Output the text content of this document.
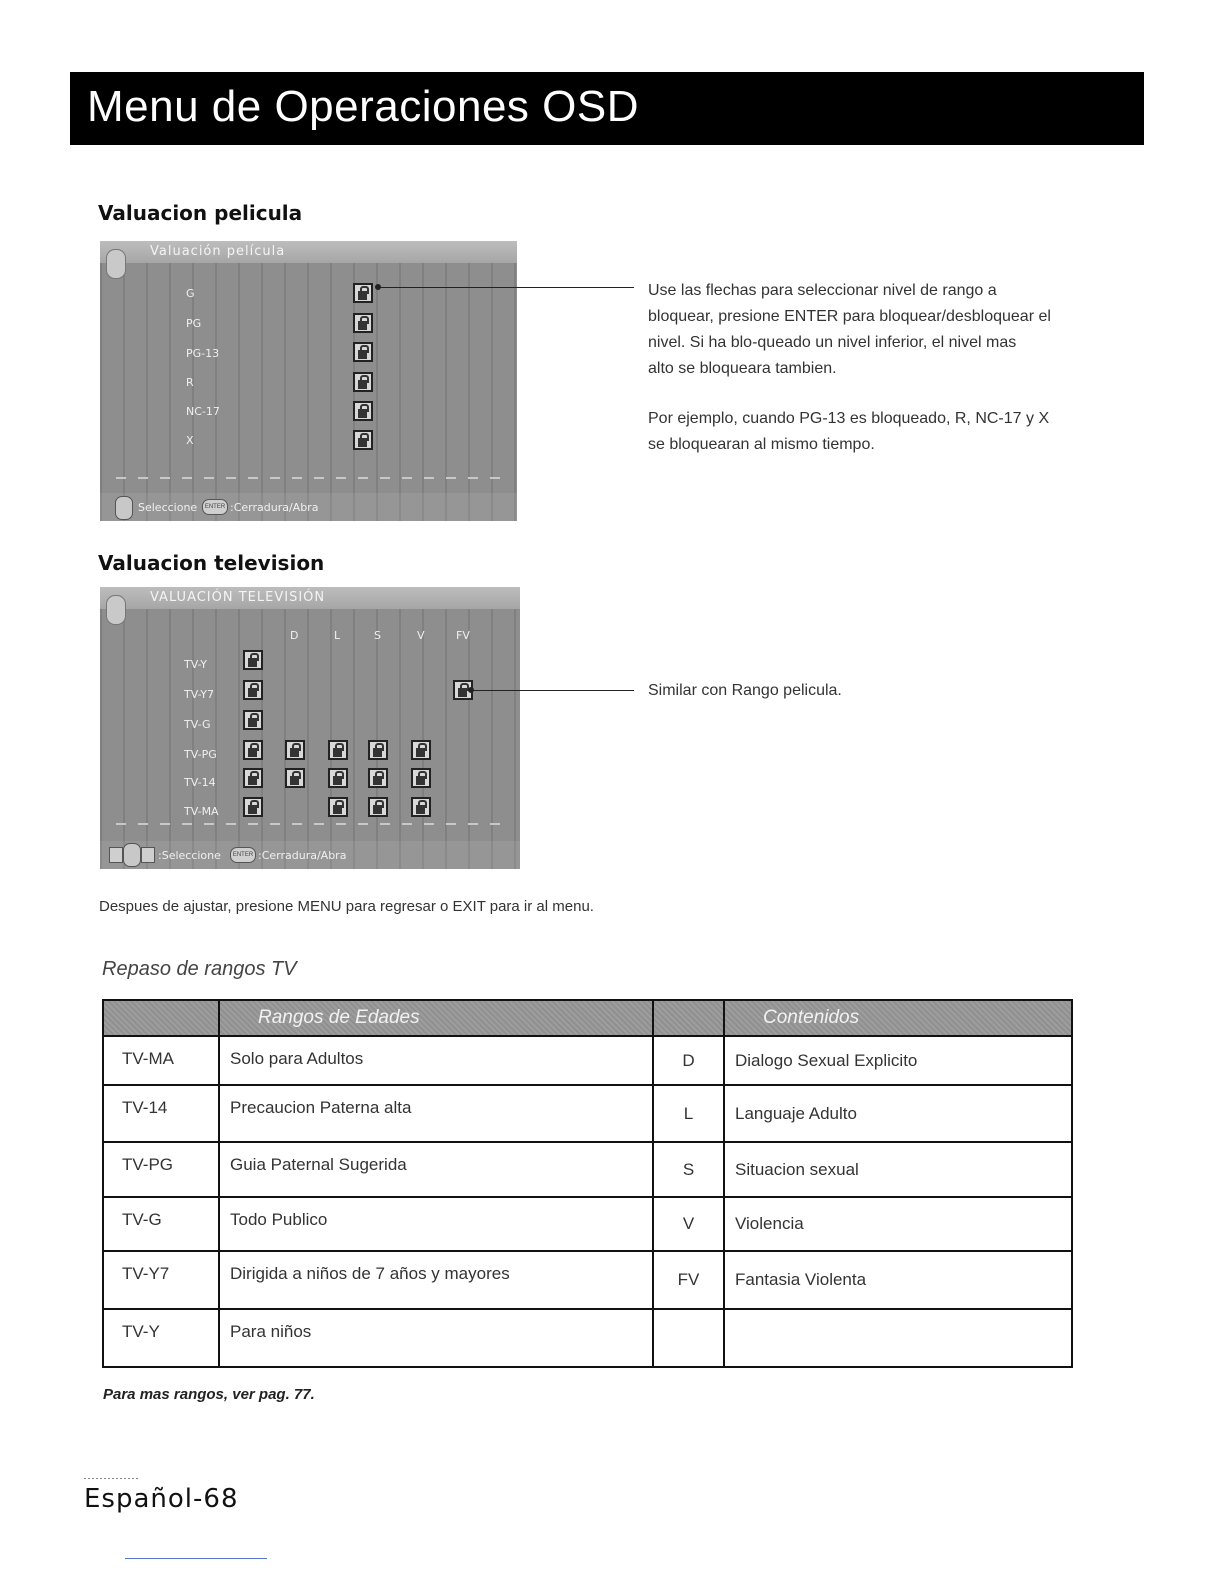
Menu de Operaciones OSD
Valuacion pelicula
Valuación película
G
PG
PG-13
R
NC-17
X
Seleccione	ENTER :Cerradura/Abra
Use las flechas para seleccionar nivel de rango a
bloquear, presione ENTER para bloquear/desbloquear el
nivel. Si ha blo-queado un nivel inferior, el nivel mas
alto se bloqueara tambien.
Por ejemplo, cuando PG-13 es bloqueado, R, NC-17 y X
se bloquearan al mismo tiempo.
Valuacion television
VALUACIÓN TELEVISIÓN
D	L	S	V	FV
TV-Y
TV-Y7
TV-G
TV-PG
TV-14
TV-MA
:Seleccione	ENTER :Cerradura/Abra
Similar con Rango pelicula.
Despues de ajustar, presione MENU para regresar o EXIT para ir al menu.
Repaso de rangos TV
	Rangos de Edades		Contenidos
TV-MA	Solo para Adultos	D	Dialogo Sexual Explicito
TV-14	Precaucion Paterna alta	L	Languaje Adulto
TV-PG	Guia Paternal Sugerida	S	Situacion sexual
TV-G	Todo Publico	V	Violencia
TV-Y7	Dirigida a niños de 7 años y mayores	FV	Fantasia Violenta
TV-Y	Para niños		
Para mas rangos, ver pag. 77.
Español-68
